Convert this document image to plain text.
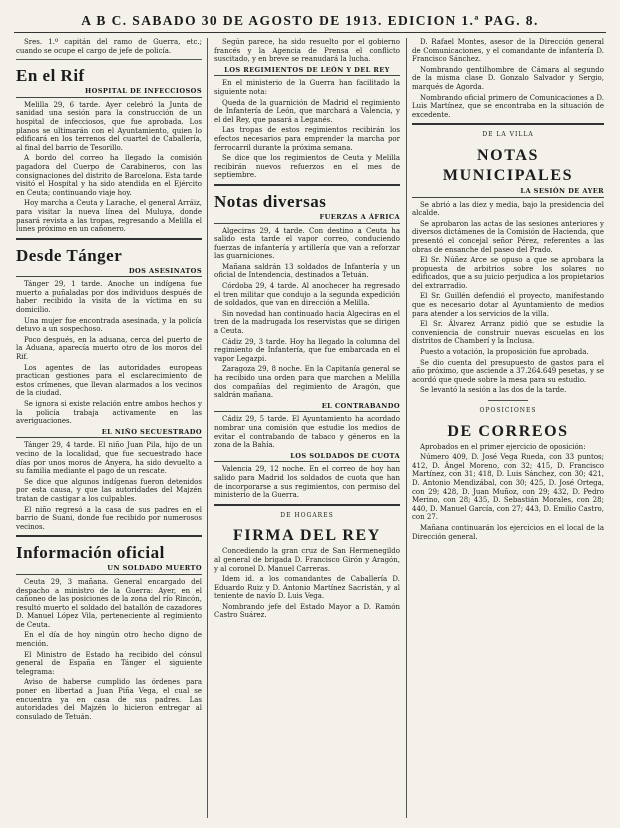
A B C. SABADO 30 DE AGOSTO DE 1913. EDICION 1.ª PAG. 8.

Sres. 1.º capitán del ramo de Guerra, etc.; cuando se ocupe el cargo de jefe de policía.

En el Rif
HOSPITAL DE INFECCIOSOS

Melilla 29, 6 tarde. Ayer celebró la Junta de sanidad una sesión para la construcción de un hospital de infecciosos, que fue aprobada. Los planos se ultimarán con el Ayuntamiento, quien lo edificará en los terrenos del cuartel de Caballería, al final del barrio de Tesorillo.

A bordo del correo ha llegado la comisión pagadora del Cuerpo de Carabineros, con las consignaciones del distrito de Barcelona. Esta tarde visitó el Hospital y ha sido atendida en el Ejército en Ceuta; continuando viaje hoy.

Hoy marcha a Ceuta y Larache, el general Arráiz, para visitar la nueva línea del Muluya, donde pasará revista a las tropas, regresando a Melilla el lunes próximo en un cañonero.

Desde Tánger
DOS ASESINATOS

Tánger 29, 1 tarde. Anoche un indígena fue muerto a puñaladas por dos individuos después de haber recibido la visita de la víctima en su domicilio.

Una mujer fue encontrada asesinada, y la policía detuvo a un sospechoso.

Poco después, en la aduana, cerca del puerto de la Aduana, aparecía muerto otro de los moros del Rif.

Los agentes de las autoridades europeas practican gestiones para el esclarecimiento de estos crímenes, que llevan alarmados a los vecinos de la ciudad.

Se ignora si existe relación entre ambos hechos y la policía trabaja activamente en las averiguaciones.

EL NIÑO SECUESTRADO

Tánger 29, 4 tarde. El niño Juan Pila, hijo de un vecino de la localidad, que fue secuestrado hace días por unos moros de Anyera, ha sido devuelto a su familia mediante el pago de un rescate.

Se dice que algunos indígenas fueron detenidos por esta causa, y que las autoridades del Majzén tratan de castigar a los culpables.

El niño regresó a la casa de sus padres en el barrio de Suani, donde fue recibido por numerosos vecinos.

Información oficial
UN SOLDADO MUERTO

Ceuta 29, 3 mañana. General encargado del despacho a ministro de la Guerra: Ayer, en el cañoneo de las posiciones de la zona del río Rincón, resultó muerto el soldado del batallón de cazadores D. Manuel López Vila, perteneciente al regimiento de Ceuta.

En el día de hoy ningún otro hecho digno de mención.

El Ministro de Estado ha recibido del cónsul general de España en Tánger el siguiente telegrama:

Aviso de haberse cumplido las órdenes para poner en libertad a Juan Piña Vega, el cual se encuentra ya en casa de sus padres. Las autoridades del Majzén lo hicieron entregar al consulado de Tetuán.

Según parece, ha sido resuelto por el gobierno francés y la Agencia de Prensa el conflicto suscitado, y en breve se reanudará la lucha.

LOS REGIMIENTOS DE LEÓN Y DEL REY

En el ministerio de la Guerra han facilitado la siguiente nota:

Queda de la guarnición de Madrid el regimiento de Infantería de León, que marchará a Valencia, y el del Rey, que pasará a Leganés.

Las tropas de estos regimientos recibirán los efectos necesarios para emprender la marcha por ferrocarril durante la próxima semana.

Se dice que los regimientos de Ceuta y Melilla recibirán nuevos refuerzos en el mes de septiembre.

Notas diversas
FUERZAS A ÁFRICA

Algeciras 29, 4 tarde. Con destino a Ceuta ha salido esta tarde el vapor correo, conduciendo fuerzas de infantería y artillería que van a reforzar las guarniciones.

Mañana saldrán 13 soldados de Infantería y un oficial de Intendencia, destinados a Tetuán.

Córdoba 29, 4 tarde. Al anochecer ha regresado el tren militar que condujo a la segunda expedición de soldados, que van en dirección a Melilla.

Sin novedad han continuado hacia Algeciras en el tren de la madrugada los reservistas que se dirigen a Ceuta.

Cádiz 29, 3 tarde. Hoy ha llegado la columna del regimiento de Infantería, que fue embarcada en el vapor Legazpi.

Zaragoza 29, 8 noche. En la Capitanía general se ha recibido una orden para que marchen a Melilla dos compañías del regimiento de Aragón, que saldrán mañana.

EL CONTRABANDO

Cádiz 29, 5 tarde. El Ayuntamiento ha acordado nombrar una comisión que estudie los medios de evitar el contrabando de tabaco y géneros en la zona de la Bahía.

LOS SOLDADOS DE CUOTA

Valencia 29, 12 noche. En el correo de hoy han salido para Madrid los soldados de cuota que han de incorporarse a sus regimientos, con permiso del ministerio de la Guerra.

DE HOGARES
FIRMA DEL REY

Concediendo la gran cruz de San Hermenegildo al general de brigada D. Francisco Girón y Aragón, y al coronel D. Manuel Carreras.

Idem id. a los comandantes de Caballería D. Eduardo Ruiz y D. Antonio Martínez Sacristán, y al teniente de navío D. Luis Vega.

Nombrando jefe del Estado Mayor a D. Ramón Castro Suárez.

D. Rafael Montes, asesor de la Dirección general de Comunicaciones, y el comandante de infantería D. Francisco Sánchez.

Nombrando gentilhombre de Cámara al segundo de la misma clase D. Gonzalo Salvador y Sergio, marqués de Agorda.

Nombrando oficial primero de Comunicaciones a D. Luis Martínez, que se encontraba en la situación de excedente.

DE LA VILLA
NOTAS MUNICIPALES
LA SESIÓN DE AYER

Se abrió a las diez y media, bajo la presidencia del alcalde.

Se aprobaron las actas de las sesiones anteriores y diversos dictámenes de la Comisión de Hacienda, que presentó el concejal señor Pérez, referentes a las obras de ensanche del paseo del Prado.

El Sr. Núñez Arce se opuso a que se aprobara la propuesta de arbitrios sobre los solares no edificados, que a su juicio perjudica a los propietarios del extrarradio.

El Sr. Guillén defendió el proyecto, manifestando que es necesario dotar al Ayuntamiento de medios para atender a los servicios de la villa.

El Sr. Álvarez Arranz pidió que se estudie la conveniencia de construir nuevas escuelas en los distritos de Chamberí y la Inclusa.

Puesto a votación, la proposición fue aprobada.

Se dio cuenta del presupuesto de gastos para el año próximo, que asciende a 37.264.649 pesetas, y se acordó que quede sobre la mesa para su estudio.

Se levantó la sesión a las dos de la tarde.

OPOSICIONES
DE CORREOS

Aprobados en el primer ejercicio de oposición:

Número 409, D. José Vega Rueda, con 33 puntos; 412, D. Ángel Moreno, con 32; 415, D. Francisco Martínez, con 31; 418, D. Luis Sánchez, con 30; 421, D. Antonio Mendizábal, con 30; 425, D. José Ortega, con 29; 428, D. Juan Muñoz, con 29; 432, D. Pedro Merino, con 28; 435, D. Sebastián Morales, con 28; 440, D. Manuel García, con 27; 443, D. Emilio Castro, con 27.

Mañana continuarán los ejercicios en el local de la Dirección general.
